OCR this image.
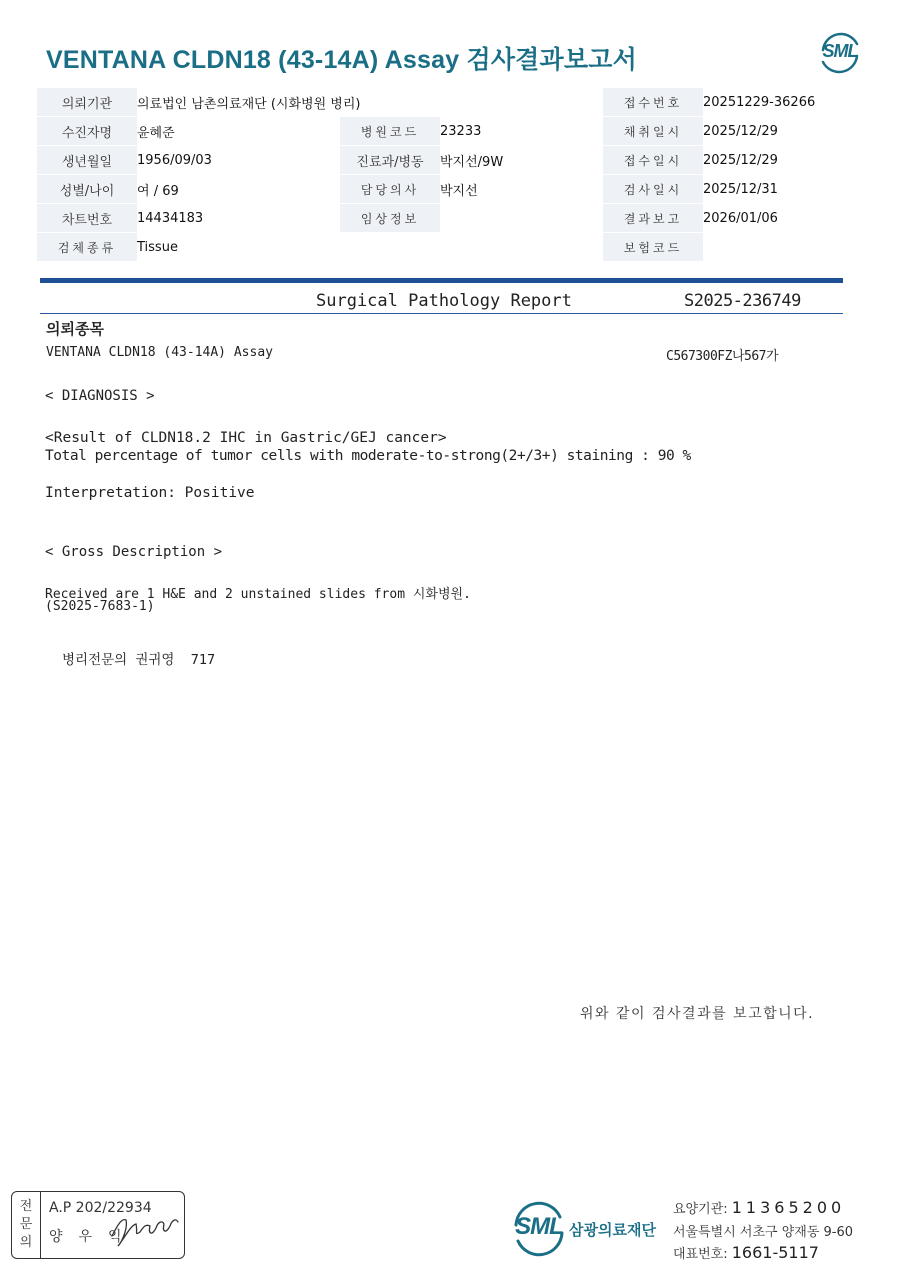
VENTANA CLDN18 (43-14A) Assay 검사결과보고서	SML
의뢰기관	의료법인 남촌의료재단 (시화병원 병리)			접수번호	20251229-36266
수진자명	윤혜준	병원코드	23233	채취일시	2025/12/29
생년월일	1956/09/03	진료과/병동	박지선/9W	접수일시	2025/12/29
성별/나이	여 / 69	담당의사	박지선	검사일시	2025/12/31
차트번호	14434183	임상정보		결과보고	2026/01/06
검체종류	Tissue			보험코드	
Surgical Pathology Report	S2025-236749
의뢰종목
VENTANA CLDN18 (43-14A) Assay	C567300FZ나567가
< DIAGNOSIS >
<Result of CLDN18.2 IHC in Gastric/GEJ cancer>
Total percentage of tumor cells with moderate-to-strong(2+/3+) staining : 90 %
Interpretation: Positive
< Gross Description >
Received are 1 H&E and 2 unstained slides from 시화병원.
(S2025-7683-1)
병리전문의 권귀영  717
위와 같이 검사결과를 보고합니다.
전
문
의
A.P 202/22934
양우익	SML 삼광의료재단
요양기관: 11365200
서울특별시 서초구 양재동 9-60
대표번호: 1661-5117
